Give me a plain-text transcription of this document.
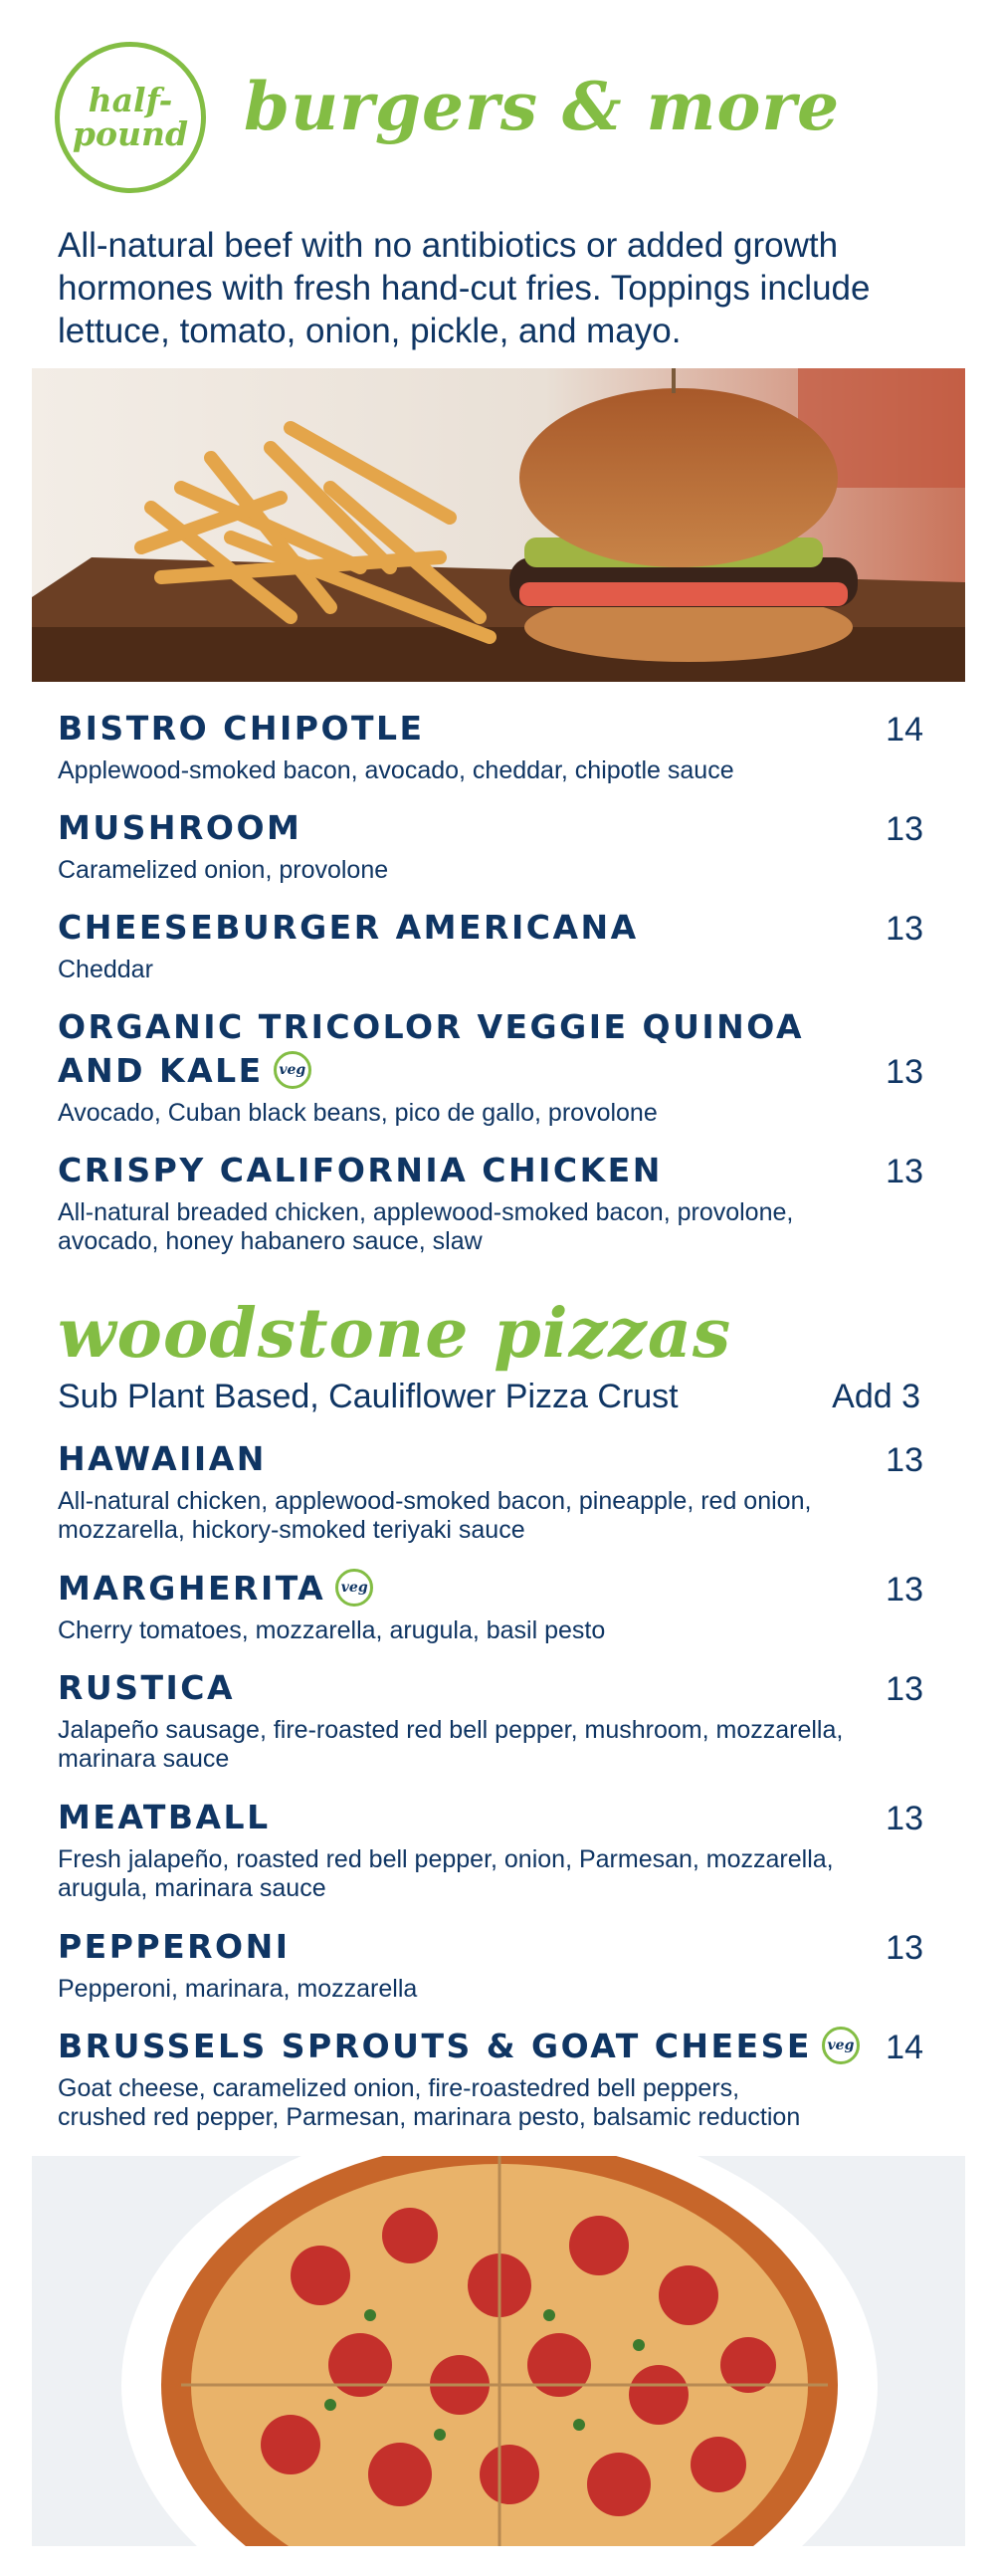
half-
pound burgers & more
All-natural beef with no antibiotics or added growth hormones with fresh hand-cut fries. Toppings include lettuce, tomato, onion, pickle, and mayo.
BISTRO CHIPOTLE	14
Applewood-smoked bacon, avocado, cheddar, chipotle sauce
MUSHROOM	13
Caramelized onion, provolone
CHEESEBURGER AMERICANA	13
Cheddar
ORGANIC TRICOLOR VEGGIE QUINOA
AND KALE veg	13
Avocado, Cuban black beans, pico de gallo, provolone
CRISPY CALIFORNIA CHICKEN	13
All-natural breaded chicken, applewood-smoked bacon, provolone,
avocado, honey habanero sauce, slaw
woodstone pizzas
Sub Plant Based, Cauliflower Pizza Crust	Add 3
HAWAIIAN	13
All-natural chicken, applewood-smoked bacon, pineapple, red onion,
mozzarella, hickory-smoked teriyaki sauce
MARGHERITA veg	13
Cherry tomatoes, mozzarella, arugula, basil pesto
RUSTICA	13
Jalapeño sausage, fire-roasted red bell pepper, mushroom, mozzarella,
marinara sauce
MEATBALL	13
Fresh jalapeño, roasted red bell pepper, onion, Parmesan, mozzarella,
arugula, marinara sauce
PEPPERONI	13
Pepperoni, marinara, mozzarella
BRUSSELS SPROUTS & GOAT CHEESE veg 14
Goat cheese, caramelized onion, fire-roastedred bell peppers,
crushed red pepper, Parmesan, marinara pesto, balsamic reduction
